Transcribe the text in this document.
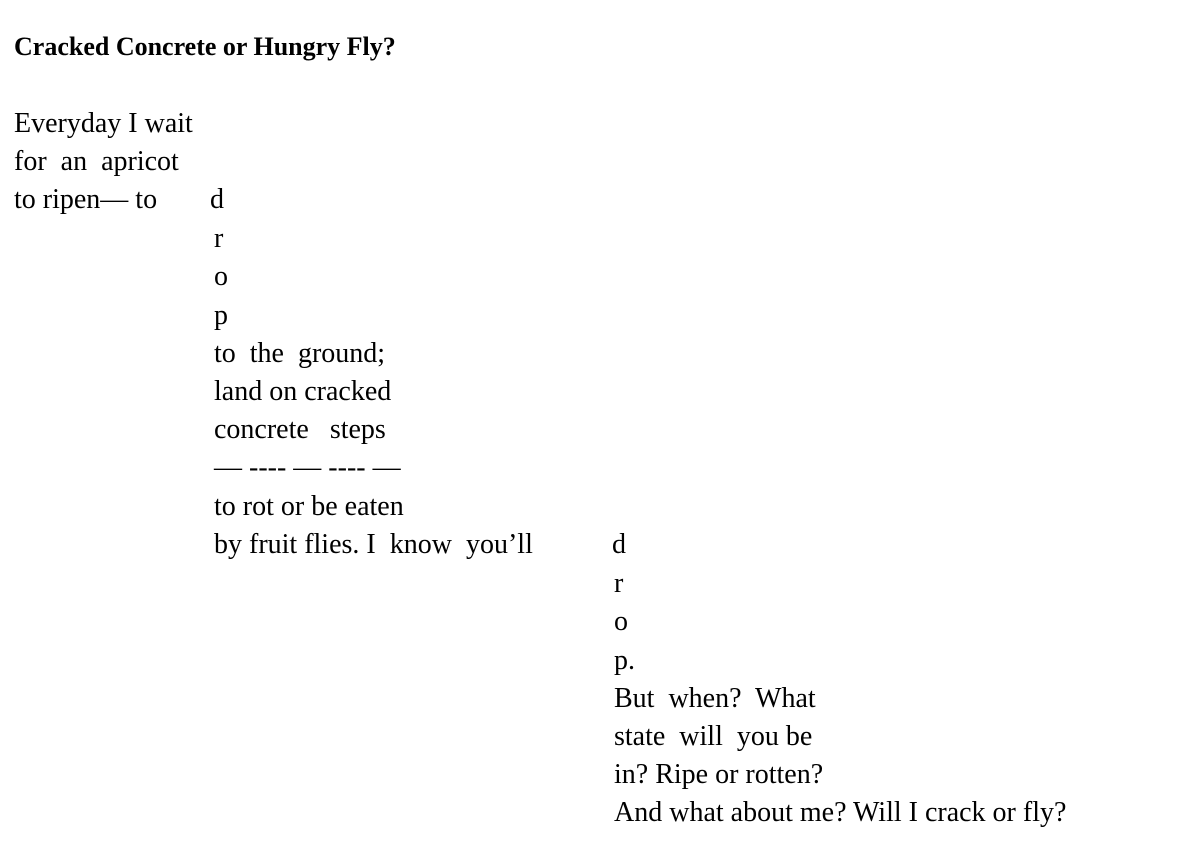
Cracked Concrete or Hungry Fly?
Everyday I wait
for  an  apricot
to ripen— to d
r
o
p
to  the  ground;
land on cracked
concrete   steps
— ---- — ---- —
to rot or be eaten
by fruit flies. I  know  you’ll	d
r
o
p.
But  when?  What
state  will  you be
in? Ripe or rotten?
And what about me? Will I crack or fly?
